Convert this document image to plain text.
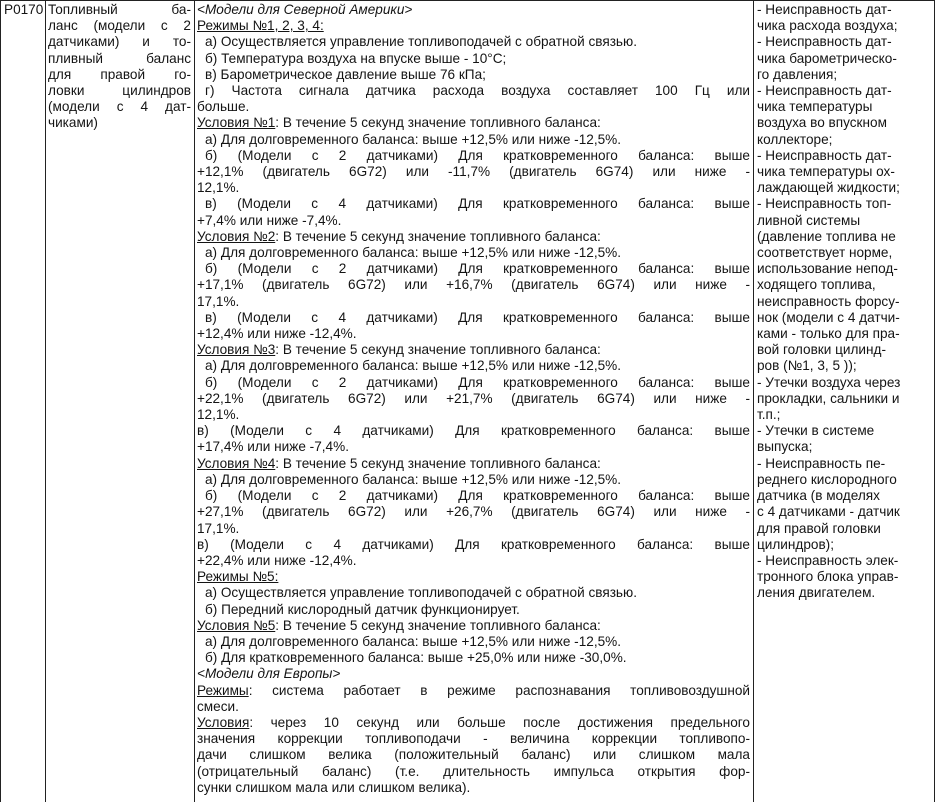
P0170 Топливный ба-
ланс (модели с 2
датчиками) и то-
пливный баланс
для правой го-
ловки цилиндров
(модели с 4 дат-
чиками)
<Модели для Северной Америки>
Режимы №1, 2, 3, 4:
а) Осуществляется управление топливоподачей с обратной связью.
б) Температура воздуха на впуске выше - 10°С;
в) Барометрическое давление выше 76 кПа;
г) Частота сигнала датчика расхода воздуха составляет 100 Гц или
больше.
Условия №1: В течение 5 секунд значение топливного баланса:
а) Для долговременного баланса: выше +12,5% или ниже -12,5%.
б) (Модели с 2 датчиками) Для кратковременного баланса: выше
+12,1% (двигатель 6G72) или -11,7% (двигатель 6G74) или ниже -
12,1%.
в) (Модели с 4 датчиками) Для кратковременного баланса: выше
+7,4% или ниже -7,4%.
Условия №2: В течение 5 секунд значение топливного баланса:
а) Для долговременного баланса: выше +12,5% или ниже -12,5%.
б) (Модели с 2 датчиками) Для кратковременного баланса: выше
+17,1% (двигатель 6G72) или +16,7% (двигатель 6G74) или ниже -
17,1%.
в) (Модели с 4 датчиками) Для кратковременного баланса: выше
+12,4% или ниже -12,4%.
Условия №3: В течение 5 секунд значение топливного баланса:
а) Для долговременного баланса: выше +12,5% или ниже -12,5%.
б) (Модели с 2 датчиками) Для кратковременного баланса: выше
+22,1% (двигатель 6G72) или +21,7% (двигатель 6G74) или ниже -
12,1%.
в) (Модели с 4 датчиками) Для кратковременного баланса: выше
+17,4% или ниже -7,4%.
Условия №4: В течение 5 секунд значение топливного баланса:
а) Для долговременного баланса: выше +12,5% или ниже -12,5%.
б) (Модели с 2 датчиками) Для кратковременного баланса: выше
+27,1% (двигатель 6G72) или +26,7% (двигатель 6G74) или ниже -
17,1%.
в) (Модели с 4 датчиками) Для кратковременного баланса: выше
+22,4% или ниже -12,4%.
Режимы №5:
а) Осуществляется управление топливоподачей с обратной связью.
б) Передний кислородный датчик функционирует.
Условия №5: В течение 5 секунд значение топливного баланса:
а) Для долговременного баланса: выше +12,5% или ниже -12,5%.
б) Для кратковременного баланса: выше +25,0% или ниже -30,0%.
<Модели для Европы>
Режимы: система работает в режиме распознавания топливовоздушной
смеси.
Условия: через 10 секунд или больше после достижения предельного
значения коррекции топливоподачи - величина коррекции топливопо-
дачи слишком велика (положительный баланс) или слишком мала
(отрицательный баланс) (т.е. длительность импульса открытия фор-
сунки слишком мала или слишком велика).
- Неисправность дат-
чика расхода воздуха;
- Неисправность дат-
чика барометрическо-
го давления;
- Неисправность дат-
чика температуры
воздуха во впускном
коллекторе;
- Неисправность дат-
чика температуры ох-
лаждающей жидкости;
- Неисправность топ-
ливной системы
(давление топлива не
соответствует норме,
использование непод-
ходящего топлива,
неисправность форсу-
нок (модели с 4 датчи-
ками - только для пра-
вой головки цилинд-
ров (№1, 3, 5 ));
- Утечки воздуха через
прокладки, сальники и
т.п.;
- Утечки в системе
выпуска;
- Неисправность пе-
реднего кислородного
датчика (в моделях
с 4 датчиками - датчик
для правой головки
цилиндров);
- Неисправность элек-
тронного блока управ-
ления двигателем.
